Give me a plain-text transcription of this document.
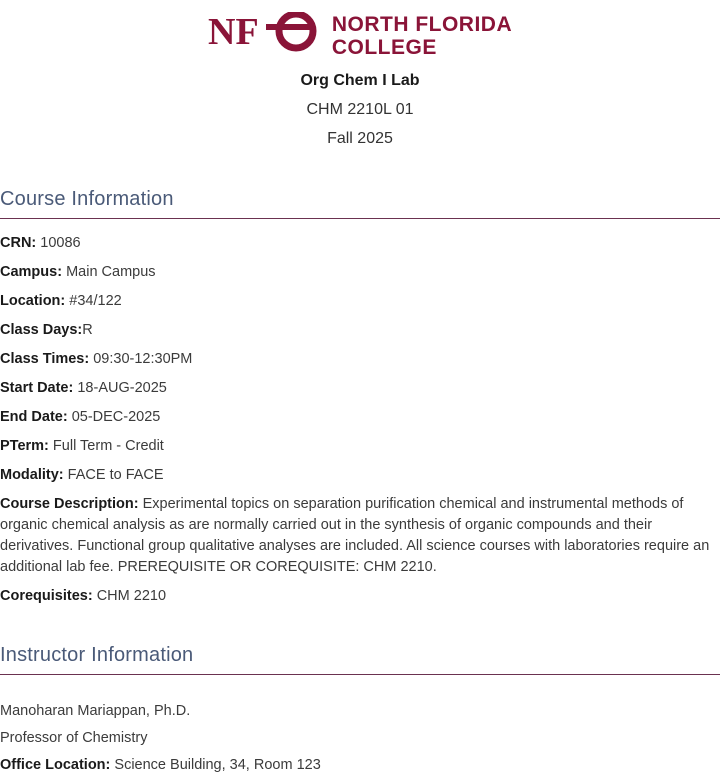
NF	NORTH FLORIDA
COLLEGE
Org Chem I Lab
CHM 2210L 01
Fall 2025
Course Information
CRN: 10086
Campus: Main Campus
Location: #34/122
Class Days:R
Class Times: 09:30-12:30PM
Start Date: 18-AUG-2025
End Date: 05-DEC-2025
PTerm: Full Term - Credit
Modality: FACE to FACE
Course Description: Experimental topics on separation purification chemical and instrumental methods of organic chemical analysis as are normally carried out in the synthesis of organic compounds and their derivatives. Functional group qualitative analyses are included. All science courses with laboratories require an additional lab fee. PREREQUISITE OR COREQUISITE: CHM 2210.
Corequisites: CHM 2210
Instructor Information
Manoharan Mariappan, Ph.D.
Professor of Chemistry
Office Location: Science Building, 34, Room 123
